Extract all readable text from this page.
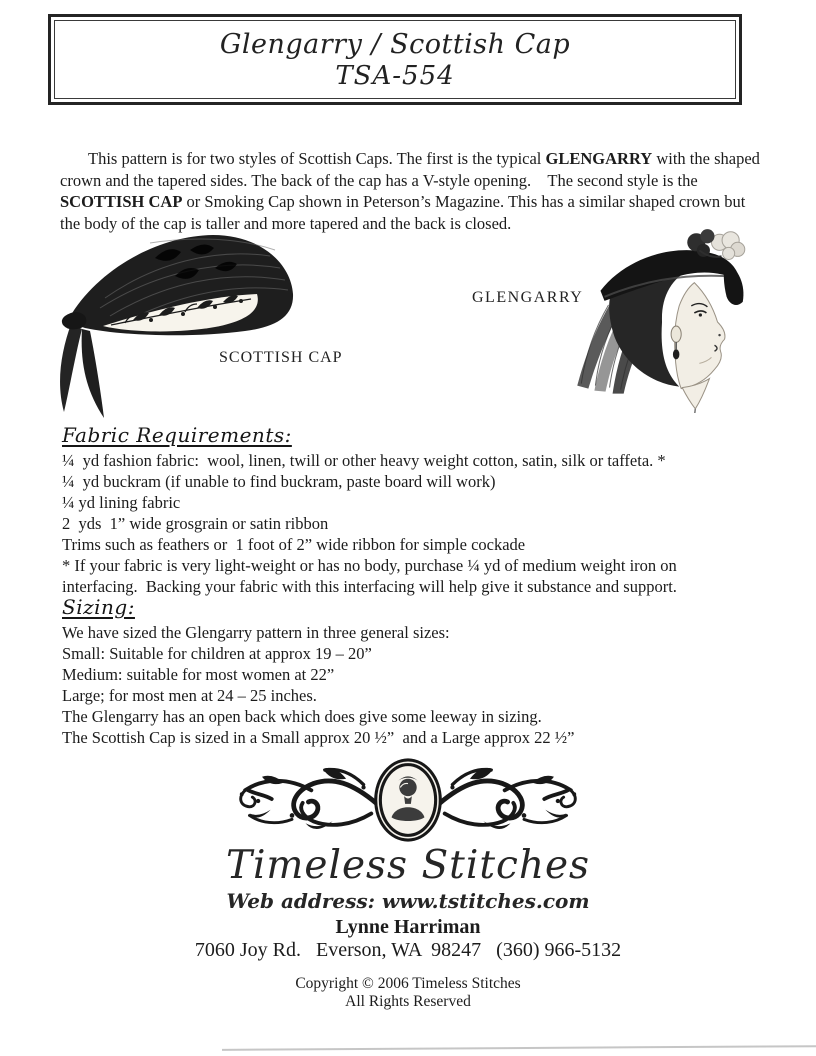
Glengarry / Scottish Cap
TSA-554

This pattern is for two styles of Scottish Caps. The first is the typical GLENGARRY with the shaped crown and the tapered sides. The back of the cap has a V-style opening.    The second style is the SCOTTISH CAP or Smoking Cap shown in Peterson’s Magazine. This has a similar shaped crown but the body of the cap is taller and more tapered and the back is closed.

SCOTTISH CAP
GLENGARRY
Fabric Requirements:
¼  yd fashion fabric:  wool, linen, twill or other heavy weight cotton, satin, silk or taffeta. *
¼  yd buckram (if unable to find buckram, paste board will work)
¼ yd lining fabric
2  yds  1” wide grosgrain or satin ribbon
Trims such as feathers or  1 foot of 2” wide ribbon for simple cockade
* If your fabric is very light-weight or has no body, purchase ¼ yd of medium weight iron on
interfacing.  Backing your fabric with this interfacing will help give it substance and support.
Sizing:
We have sized the Glengarry pattern in three general sizes:
Small: Suitable for children at approx 19 – 20”
Medium: suitable for most women at 22”
Large; for most men at 24 – 25 inches.
The Glengarry has an open back which does give some leeway in sizing.
The Scottish Cap is sized in a Small approx 20 ½”  and a Large approx 22 ½”
Timeless Stitches
Web address: www.tstitches.com
Lynne Harriman
7060 Joy Rd.   Everson, WA  98247   (360) 966-5132
Copyright © 2006 Timeless Stitches
All Rights Reserved
